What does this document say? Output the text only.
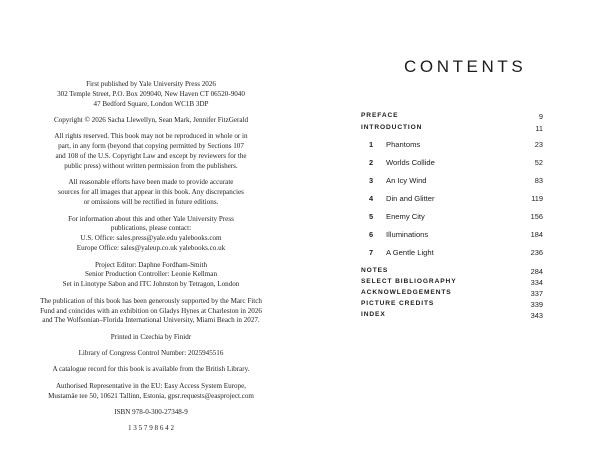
First published by Yale University Press 2026
302 Temple Street, P.O. Box 209040, New Haven CT 06520-9040
47 Bedford Square, London WC1B 3DP

Copyright © 2026 Sacha Llewellyn, Sean Mark, Jennifer FitzGerald

All rights reserved. This book may not be reproduced in whole or in
part, in any form (beyond that copying permitted by Sections 107
and 108 of the U.S. Copyright Law and except by reviewers for the
public press) without written permission from the publishers.

All reasonable efforts have been made to provide accurate
sources for all images that appear in this book. Any discrepancies
or omissions will be rectified in future editions.

For information about this and other Yale University Press
publications, please contact:
U.S. Office: sales.press@yale.edu yalebooks.com
Europe Office: sales@yaleup.co.uk yalebooks.co.uk

Project Editor: Daphne Fordham-Smith
Senior Production Controller: Leonie Kellman
Set in Linotype Sabon and ITC Johnston by Tetragon, London

The publication of this book has been generously supported by the Marc Fitch
Fund and coincides with an exhibition on Gladys Hynes at Charleston in 2026
and The Wolfsonian–Florida International University, Miami Beach in 2027.

Printed in Czechia by Finidr

Library of Congress Control Number: 2025945516

A catalogue record for this book is available from the British Library.

Authorised Representative in the EU: Easy Access System Europe,
Mustamäe tee 50, 10621 Tallinn, Estonia, gpsr.requests@easproject.com

ISBN 978-0-300-27348-9

1 3 5 7 9 8 6 4 2

CONTENTS
PREFACE	9
INTRODUCTION	11
1 Phantoms	23
2 Worlds Collide	52
3 An Icy Wind	83
4 Din and Glitter	119
5 Enemy City	156
6 Illuminations	184
7 A Gentle Light	236
NOTES	284
SELECT BIBLIOGRAPHY	334
ACKNOWLEDGEMENTS	337
PICTURE CREDITS	339
INDEX	343
